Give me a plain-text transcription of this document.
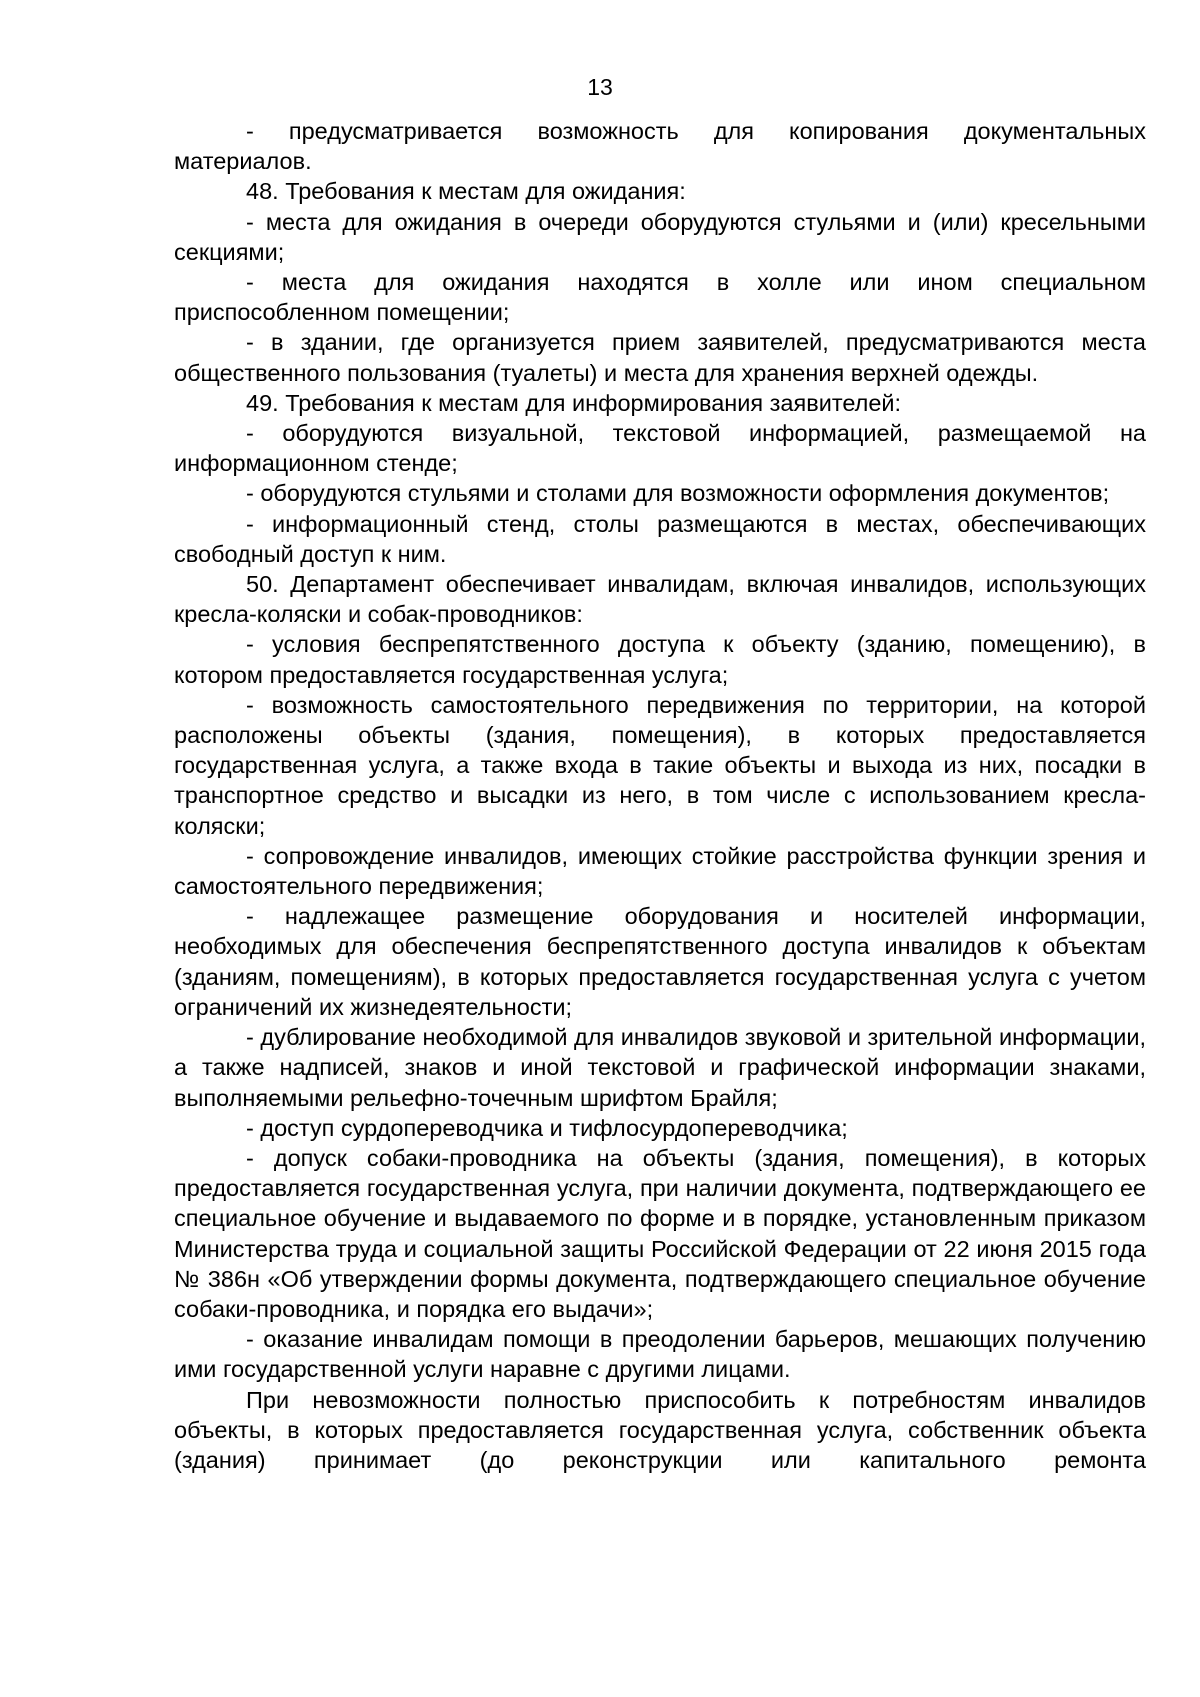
13

- предусматривается возможность для копирования документальных материалов.

48. Требования к местам для ожидания:

- места для ожидания в очереди оборудуются стульями и (или) кресельными секциями;

- места для ожидания находятся в холле или ином специальном приспособленном помещении;

- в здании, где организуется прием заявителей, предусматриваются места общественного пользования (туалеты) и места для хранения верхней одежды.

49. Требования к местам для информирования заявителей:

- оборудуются визуальной, текстовой информацией, размещаемой на информационном стенде;

- оборудуются стульями и столами для возможности оформления документов;

- информационный стенд, столы размещаются в местах, обеспечивающих свободный доступ к ним.

50. Департамент обеспечивает инвалидам, включая инвалидов, использующих кресла-коляски и собак-проводников:

- условия беспрепятственного доступа к объекту (зданию, помещению), в котором предоставляется государственная услуга;

- возможность самостоятельного передвижения по территории, на которой расположены объекты (здания, помещения), в которых предоставляется государственная услуга, а также входа в такие объекты и выхода из них, посадки в транспортное средство и высадки из него, в том числе с использованием кресла-коляски;

- сопровождение инвалидов, имеющих стойкие расстройства функции зрения и самостоятельного передвижения;

- надлежащее размещение оборудования и носителей информации, необходимых для обеспечения беспрепятственного доступа инвалидов к объектам (зданиям, помещениям), в которых предоставляется государственная услуга с учетом ограничений их жизнедеятельности;

- дублирование необходимой для инвалидов звуковой и зрительной информации, а также надписей, знаков и иной текстовой и графической информации знаками, выполняемыми рельефно-точечным шрифтом Брайля;

- доступ сурдопереводчика и тифлосурдопереводчика;

- допуск собаки-проводника на объекты (здания, помещения), в которых предоставляется государственная услуга, при наличии документа, подтверждающего ее специальное обучение и выдаваемого по форме и в порядке, установленным приказом Министерства труда и социальной защиты Российской Федерации от 22 июня 2015 года № 386н «Об утверждении формы документа, подтверждающего специальное обучение собаки-проводника, и порядка его выдачи»;

- оказание инвалидам помощи в преодолении барьеров, мешающих получению ими государственной услуги наравне с другими лицами.

При невозможности полностью приспособить к потребностям инвалидов объекты, в которых предоставляется государственная услуга, собственник объекта (здания) принимает (до реконструкции или капитального ремонта
